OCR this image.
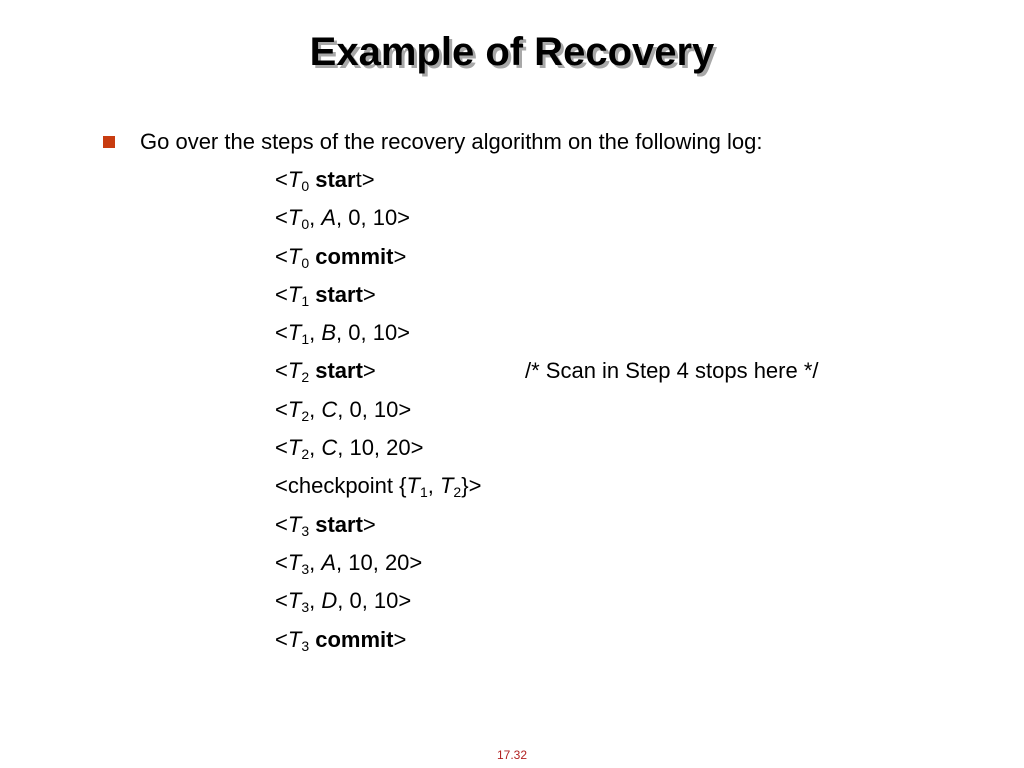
Example of Recovery
Go over the steps of the recovery algorithm on the following log:
$<T_0$ start>
$<T_0$, A, 0, 10>
$<T_0$ commit>
$<T_1$ start>
$<T_1$, B, 0, 10>
$<T_2$ start>	/* Scan in Step 4 stops here */
$<T_2$, C, 0, 10>
$<T_2$, C, 10, 20>
<checkpoint {$T_1$, $T_2\}>$
$<T_3$ start>
$<T_3$, A, 10, 20>
$<T_3$, D, 0, 10>
$<T_3$ commit>
17.32
